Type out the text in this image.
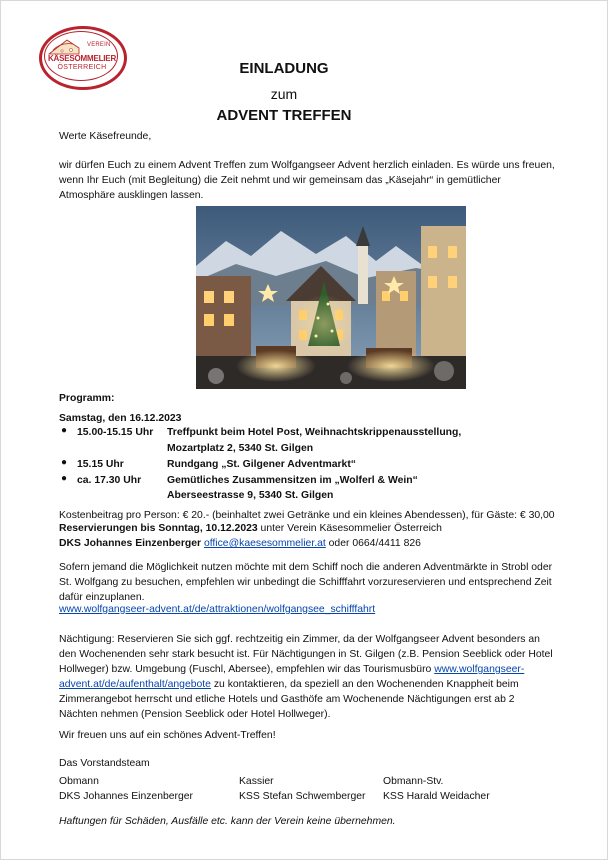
VEREIN
KÄSESOMMELIER
ÖSTERREICH	EINLADUNG
zum
ADVENT TREFFEN
Werte Käsefreunde,
wir dürfen Euch zu einem Advent Treffen zum Wolfgangseer Advent herzlich einladen. Es würde uns freuen, wenn Ihr Euch (mit Begleitung) die Zeit nehmt und wir gemeinsam das „Käsejahr“ in gemütlicher Atmosphäre ausklingen lassen.
Programm:
Samstag, den 16.12.2023
● 15.00-15.15 Uhr Treffpunkt beim Hotel Post, Weihnachtskrippenausstellung,
Mozartplatz 2, 5340 St. Gilgen
● 15.15 Uhr	Rundgang „St. Gilgener Adventmarkt“
● ca. 17.30 Uhr Gemütliches Zusammensitzen im „Wolferl & Wein“
Aberseestrasse 9, 5340 St. Gilgen
Kostenbeitrag pro Person: € 20.- (beinhaltet zwei Getränke und ein kleines Abendessen), für Gäste: € 30,00
Reservierungen bis Sonntag, 10.12.2023 unter Verein Käsesommelier Österreich
DKS Johannes Einzenberger office@kaesesommelier.at oder 0664/4411 826
Sofern jemand die Möglichkeit nutzen möchte mit dem Schiff noch die anderen Adventmärkte in Strobl oder St. Wolfgang zu besuchen, empfehlen wir unbedingt die Schifffahrt vorzureservieren und entsprechend Zeit dafür einzuplanen.
www.wolfgangseer-advent.at/de/attraktionen/wolfgangsee_schifffahrt
Nächtigung: Reservieren Sie sich ggf. rechtzeitig ein Zimmer, da der Wolfgangseer Advent besonders an den Wochenenden sehr stark besucht ist. Für Nächtigungen in St. Gilgen (z.B. Pension Seeblick oder Hotel Hollweger) bzw. Umgebung (Fuschl, Abersee), empfehlen wir das Tourismusbüro www.wolfgangseer-advent.at/de/aufenthalt/angebote zu kontaktieren, da speziell an den Wochenenden Knappheit beim Zimmerangebot herrscht und etliche Hotels und Gasthöfe am Wochenende Nächtigungen erst ab 2 Nächten nehmen (Pension Seeblick oder Hotel Hollweger).
Wir freuen uns auf ein schönes Advent-Treffen!
Das Vorstandsteam
Obmann
DKS Johannes Einzenberger
Kassier
KSS Stefan Schwemberger
Obmann-Stv.
KSS Harald Weidacher
Haftungen für Schäden, Ausfälle etc. kann der Verein keine übernehmen.
